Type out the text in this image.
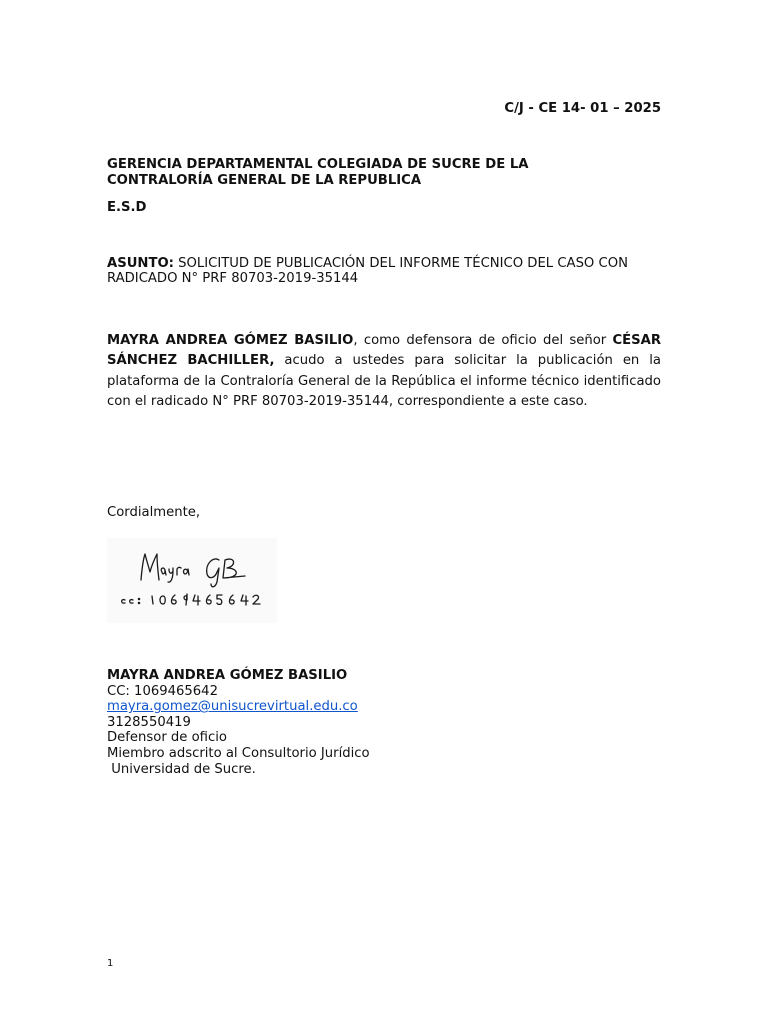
C/J - CE 14- 01 – 2025
GERENCIA DEPARTAMENTAL COLEGIADA DE SUCRE DE LA
CONTRALORÍA GENERAL DE LA REPUBLICA
E.S.D
ASUNTO: SOLICITUD DE PUBLICACIÓN DEL INFORME TÉCNICO DEL CASO CON RADICADO N° PRF 80703-2019-35144
MAYRA ANDREA GÓMEZ BASILIO, como defensora de oficio del señor CÉSAR SÁNCHEZ BACHILLER, acudo a ustedes para solicitar la publicación en la plataforma de la Contraloría General de la República el informe técnico identificado con el radicado N° PRF 80703-2019-35144, correspondiente a este caso.
Cordialmente,
MAYRA ANDREA GÓMEZ BASILIO
CC: 1069465642
mayra.gomez@unisucrevirtual.edu.co
3128550419
Defensor de oficio
Miembro adscrito al Consultorio Jurídico
Universidad de Sucre.
1
